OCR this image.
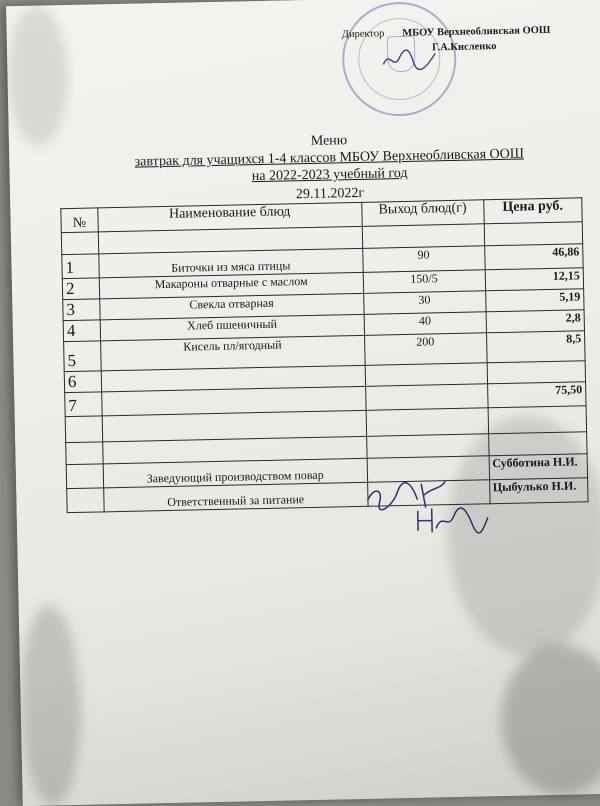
Директор МБОУ Верхнеобливская ООШ
Г.А.Кисленко
Меню
завтрак для учащихся 1-4 классов МБОУ Верхнеобливская ООШ
на 2022-2023 учебный год
29.11.2022г
№	Наименование блюд	Выход блюд(г)	Цена руб.

1	Биточки из мяса птицы	90	46,86
2	Макароны отварные с маслом	150/5	12,15
3	Свекла отварная	30	5,19
4	Хлеб пшеничный	40	2,8
5	Кисель пл/ягодный	200	8,5
6			
7			75,50

	Заведующий производством повар		Субботина Н.И.
	Ответственный за питание		Цыбулько Н.И.
